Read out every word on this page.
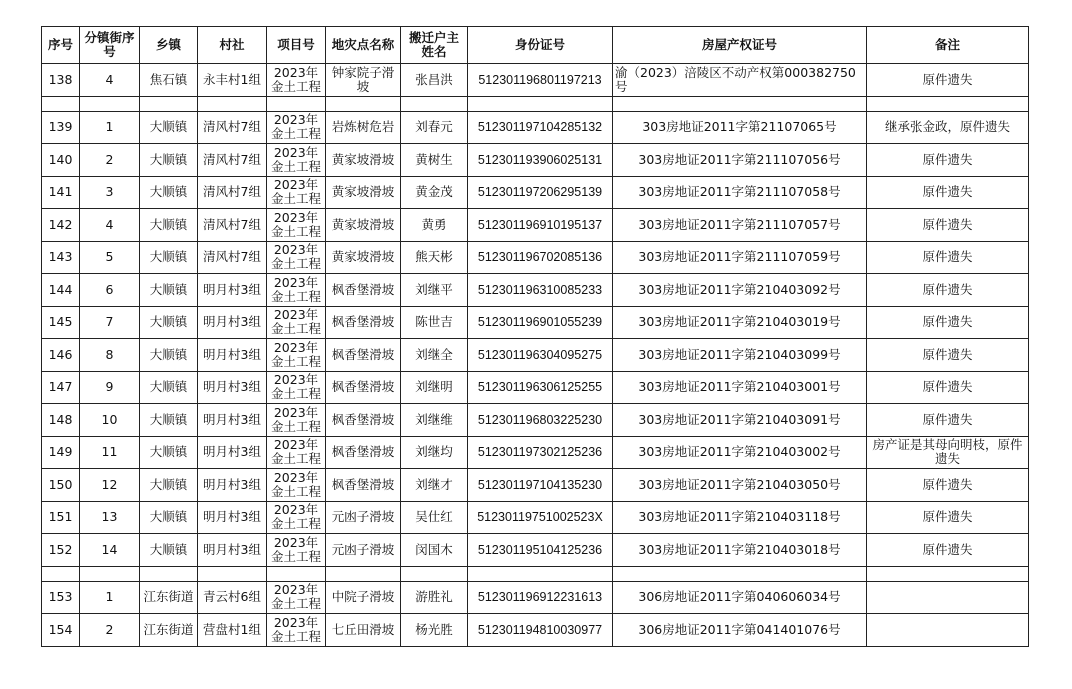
序号	分镇街序号	乡镇	村社	项目号	地灾点名称	搬迁户主姓名	身份证号	房屋产权证号	备注
138	4	焦石镇	永丰村1组	2023年金土工程	钟家院子滑坡	张昌洪	512301196801197213	渝（2023）涪陵区不动产权第000382750号	原件遗失

139	1	大顺镇	清风村7组	2023年金土工程	岩炼树危岩	刘春元	512301197104285132	303房地证2011字第21107065号	继承张金政，原件遗失
140	2	大顺镇	清风村7组	2023年金土工程	黄家坡滑坡	黄树生	512301193906025131	303房地证2011字第211107056号	原件遗失
141	3	大顺镇	清风村7组	2023年金土工程	黄家坡滑坡	黄金茂	512301197206295139	303房地证2011字第211107058号	原件遗失
142	4	大顺镇	清风村7组	2023年金土工程	黄家坡滑坡	黄勇	512301196910195137	303房地证2011字第211107057号	原件遗失
143	5	大顺镇	清风村7组	2023年金土工程	黄家坡滑坡	熊天彬	512301196702085136	303房地证2011字第211107059号	原件遗失
144	6	大顺镇	明月村3组	2023年金土工程	枫香堡滑坡	刘继平	512301196310085233	303房地证2011字第210403092号	原件遗失
145	7	大顺镇	明月村3组	2023年金土工程	枫香堡滑坡	陈世吉	512301196901055239	303房地证2011字第210403019号	原件遗失
146	8	大顺镇	明月村3组	2023年金土工程	枫香堡滑坡	刘继全	512301196304095275	303房地证2011字第210403099号	原件遗失
147	9	大顺镇	明月村3组	2023年金土工程	枫香堡滑坡	刘继明	512301196306125255	303房地证2011字第210403001号	原件遗失
148	10	大顺镇	明月村3组	2023年金土工程	枫香堡滑坡	刘继维	512301196803225230	303房地证2011字第210403091号	原件遗失
149	11	大顺镇	明月村3组	2023年金土工程	枫香堡滑坡	刘继均	512301197302125236	303房地证2011字第210403002号	房产证是其母向明枝，原件遗失
150	12	大顺镇	明月村3组	2023年金土工程	枫香堡滑坡	刘继才	512301197104135230	303房地证2011字第210403050号	原件遗失
151	13	大顺镇	明月村3组	2023年金土工程	元凼子滑坡	吴仕红	51230119751002523X	303房地证2011字第210403118号	原件遗失
152	14	大顺镇	明月村3组	2023年金土工程	元凼子滑坡	闵国木	512301195104125236	303房地证2011字第210403018号	原件遗失

153	1	江东街道	青云村6组	2023年金土工程	中院子滑坡	游胜礼	512301196912231613	306房地证2011字第040606034号	
154	2	江东街道	营盘村1组	2023年金土工程	七丘田滑坡	杨光胜	512301194810030977	306房地证2011字第041401076号	
